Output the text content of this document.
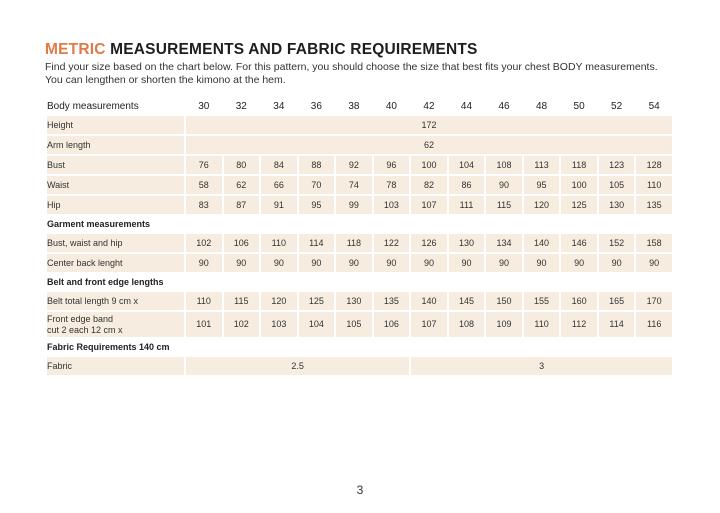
METRIC MEASUREMENTS AND FABRIC REQUIREMENTS

Find your size based on the chart below. For this pattern, you should choose the size that best fits your chest BODY measurements.

You can lengthen or shorten the kimono at the hem.

Body measurements	30	32	34	36	38	40	42	44	46	48	50	52	54
Height	172												
Arm length	62												
Bust	76	80	84	88	92	96	100	104	108	113	118	123	128
Waist	58	62	66	70	74	78	82	86	90	95	100	105	110
Hip	83	87	91	95	99	103	107	111	115	120	125	130	135
Garment measurements													
Bust, waist and hip	102	106	110	114	118	122	126	130	134	140	146	152	158
Center back lenght	90	90	90	90	90	90	90	90	90	90	90	90	90
Belt and front edge lengths													
Belt total length 9 cm x	110	115	120	125	130	135	140	145	150	155	160	165	170

Front edge band
cut 2 each 12 cm x	101	102	103	104	105	106	107	108	109	110	112	114	116
Fabric Requirements 140 cm													
Fabric	2.5						3						
3
